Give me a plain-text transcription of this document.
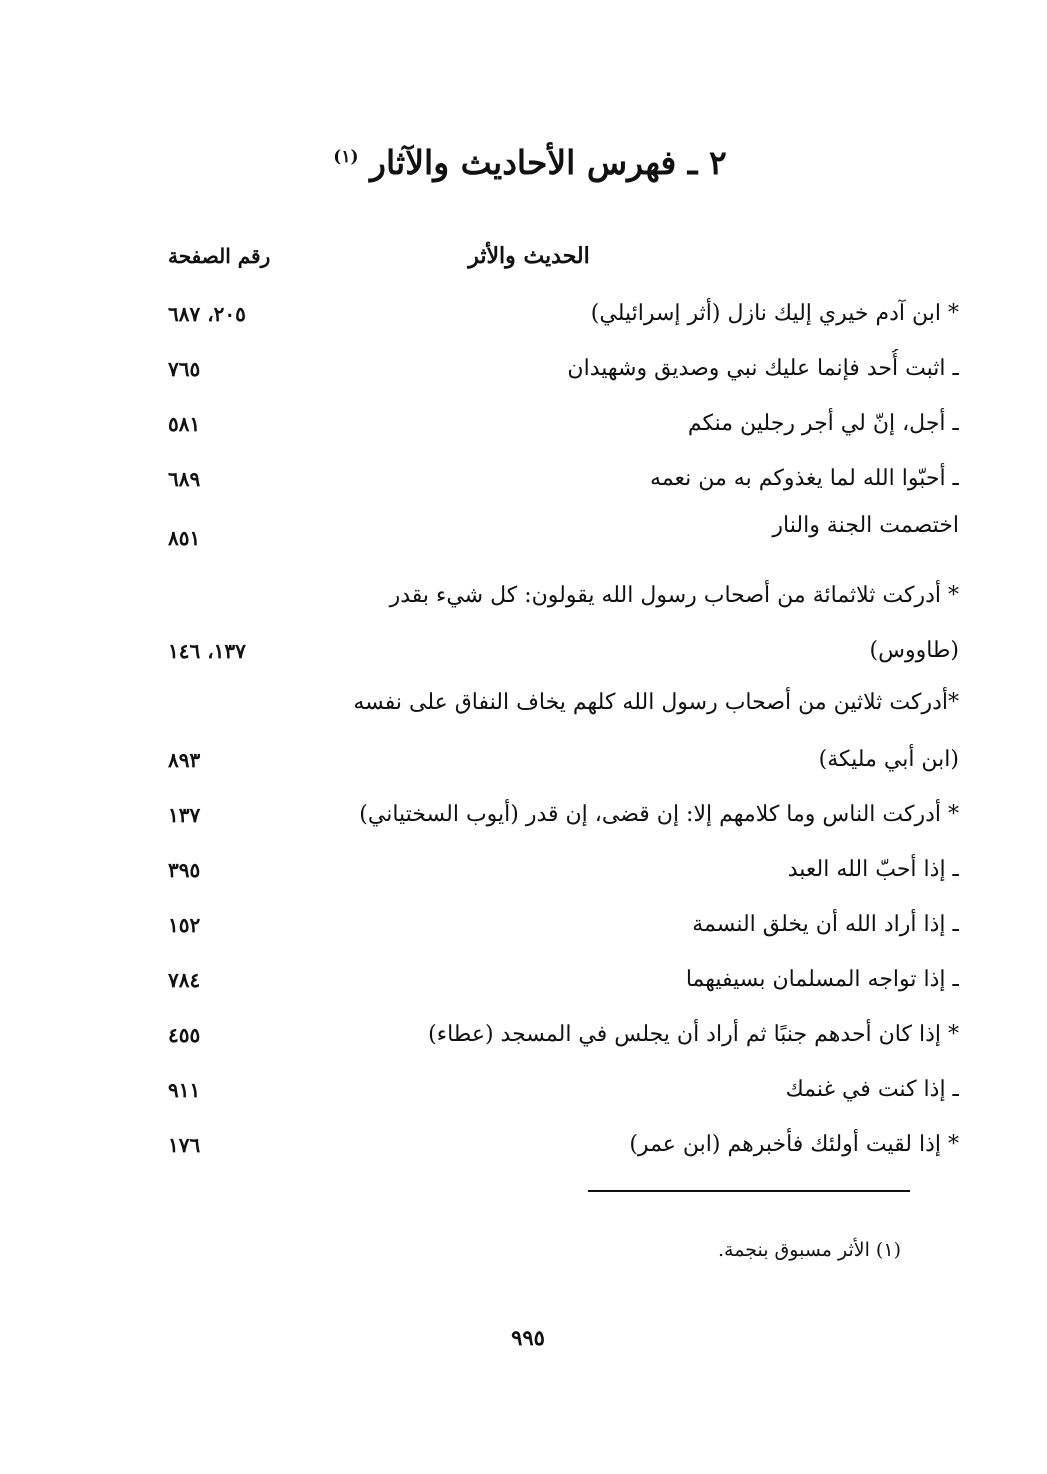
٢ ـ فهرس الأحاديث والآثار $^{(١)}$
الحديث والأثر
رقم الصفحة
* ابن آدم خيري إليك نازل (أثر إسرائيلي)
٢٠٥، ٦٨٧
ـ اثبت أُحد فإنما عليك نبي وصديق وشهيدان
٧٦٥
ـ أجل، إنّ لي أجر رجلين منكم
٥٨١
ـ أحبّوا الله لما يغذوكم به من نعمه
٦٨٩
اختصمت الجنة والنار
٨٥١
* أدركت ثلاثمائة من أصحاب رسول الله يقولون: كل شيء بقدر
(طاووس)
١٣٧، ١٤٦
*أدركت ثلاثين من أصحاب رسول الله كلهم يخاف النفاق على نفسه
(ابن أبي مليكة)
٨٩٣
* أدركت الناس وما كلامهم إلا: إن قضى، إن قدر (أيوب السختياني)
١٣٧
ـ إذا أحبّ الله العبد
٣٩٥
ـ إذا أراد الله أن يخلق النسمة
١٥٢
ـ إذا تواجه المسلمان بسيفيهما
٧٨٤
* إذا كان أحدهم جنبًا ثم أراد أن يجلس في المسجد (عطاء)
٤٥٥
ـ إذا كنت في غنمك
٩١١
* إذا لقيت أولئك فأخبرهم (ابن عمر)
١٧٦
(١) الأثر مسبوق بنجمة.
٩٩٥
